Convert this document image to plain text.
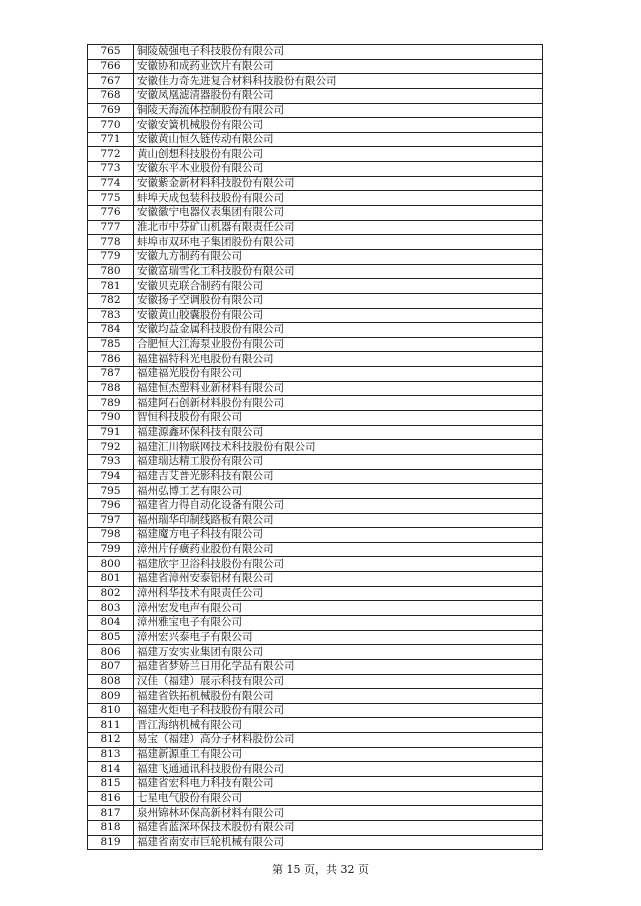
765	铜陵兢强电子科技股份有限公司
766	安徽协和成药业饮片有限公司
767	安徽佳力奇先进复合材料科技股份有限公司
768	安徽凤凰滤清器股份有限公司
769	铜陵天海流体控制股份有限公司
770	安徽安簧机械股份有限公司
771	安徽黄山恒久链传动有限公司
772	黄山创想科技股份有限公司
773	安徽东平木业股份有限公司
774	安徽紫金新材料科技股份有限公司
775	蚌埠天成包装科技股份有限公司
776	安徽徽宁电器仪表集团有限公司
777	淮北市中芬矿山机器有限责任公司
778	蚌埠市双环电子集团股份有限公司
779	安徽九方制药有限公司
780	安徽富瑞雪化工科技股份有限公司
781	安徽贝克联合制药有限公司
782	安徽扬子空调股份有限公司
783	安徽黄山胶囊股份有限公司
784	安徽均益金属科技股份有限公司
785	合肥恒大江海泵业股份有限公司
786	福建福特科光电股份有限公司
787	福建福光股份有限公司
788	福建恒杰塑料业新材料有限公司
789	福建阿石创新材料股份有限公司
790	智恒科技股份有限公司
791	福建源鑫环保科技有限公司
792	福建汇川物联网技术科技股份有限公司
793	福建瑞达精工股份有限公司
794	福建吉艾普光影科技有限公司
795	福州弘博工艺有限公司
796	福建省力得自动化设备有限公司
797	福州瑞华印制线路板有限公司
798	福建魔方电子科技有限公司
799	漳州片仔癀药业股份有限公司
800	福建欣宇卫浴科技股份有限公司
801	福建省漳州安泰铝材有限公司
802	漳州科华技术有限责任公司
803	漳州宏发电声有限公司
804	漳州雅宝电子有限公司
805	漳州宏兴泰电子有限公司
806	福建万安实业集团有限公司
807	福建省梦娇兰日用化学品有限公司
808	汉佳（福建）展示科技有限公司
809	福建省铁拓机械股份有限公司
810	福建火炬电子科技股份有限公司
811	晋江海纳机械有限公司
812	易宝（福建）高分子材料股份公司
813	福建新源重工有限公司
814	福建飞通通讯科技股份有限公司
815	福建省宏科电力科技有限公司
816	七星电气股份有限公司
817	泉州锦林环保高新材料有限公司
818	福建省蓝深环保技术股份有限公司
819	福建省南安市巨轮机械有限公司
第 15 页，共 32 页
